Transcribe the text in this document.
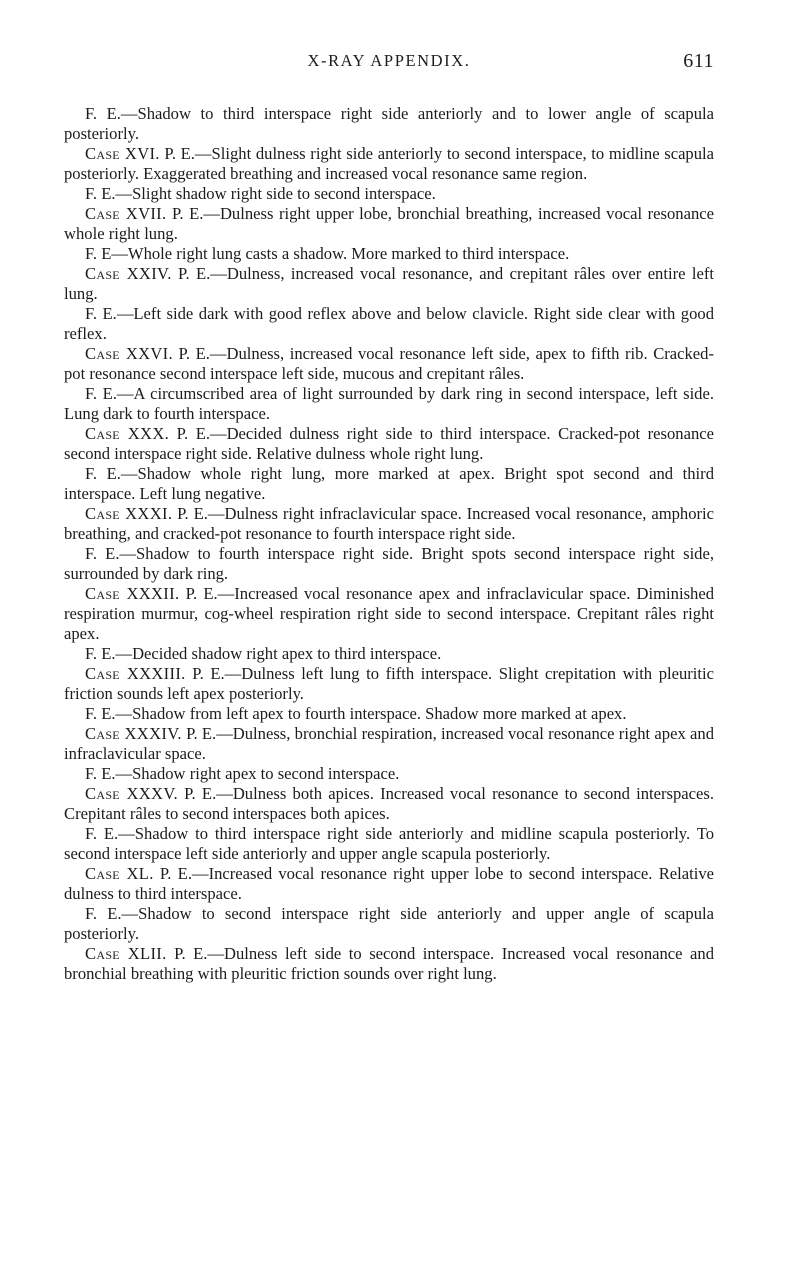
X-RAY APPENDIX.	611

F. E.—Shadow to third interspace right side anteriorly and to lower angle of scapula posteriorly.

Case XVI. P. E.—Slight dulness right side anteriorly to second interspace, to midline scapula posteriorly. Exaggerated breathing and increased vocal resonance same region.

F. E.—Slight shadow right side to second interspace.

Case XVII. P. E.—Dulness right upper lobe, bronchial breathing, increased vocal resonance whole right lung.

F. E—Whole right lung casts a shadow. More marked to third interspace.

Case XXIV. P. E.—Dulness, increased vocal resonance, and crepitant râles over entire left lung.

F. E.—Left side dark with good reflex above and below clavicle. Right side clear with good reflex.

Case XXVI. P. E.—Dulness, increased vocal resonance left side, apex to fifth rib. Cracked-pot resonance second interspace left side, mucous and crepitant râles.

F. E.—A circumscribed area of light surrounded by dark ring in second interspace, left side. Lung dark to fourth interspace.

Case XXX. P. E.—Decided dulness right side to third interspace. Cracked-pot resonance second interspace right side. Relative dulness whole right lung.

F. E.—Shadow whole right lung, more marked at apex. Bright spot second and third interspace. Left lung negative.

Case XXXI. P. E.—Dulness right infraclavicular space. Increased vocal resonance, amphoric breathing, and cracked-pot resonance to fourth interspace right side.

F. E.—Shadow to fourth interspace right side. Bright spots second interspace right side, surrounded by dark ring.

Case XXXII. P. E.—Increased vocal resonance apex and infraclavicular space. Diminished respiration murmur, cog-wheel respiration right side to second interspace. Crepitant râles right apex.

F. E.—Decided shadow right apex to third interspace.

Case XXXIII. P. E.—Dulness left lung to fifth interspace. Slight crepitation with pleuritic friction sounds left apex posteriorly.

F. E.—Shadow from left apex to fourth interspace. Shadow more marked at apex.

Case XXXIV. P. E.—Dulness, bronchial respiration, increased vocal resonance right apex and infraclavicular space.

F. E.—Shadow right apex to second interspace.

Case XXXV. P. E.—Dulness both apices. Increased vocal resonance to second interspaces. Crepitant râles to second interspaces both apices.

F. E.—Shadow to third interspace right side anteriorly and midline scapula posteriorly. To second interspace left side anteriorly and upper angle scapula posteriorly.

Case XL. P. E.—Increased vocal resonance right upper lobe to second interspace. Relative dulness to third interspace.

F. E.—Shadow to second interspace right side anteriorly and upper angle of scapula posteriorly.

Case XLII. P. E.—Dulness left side to second interspace. Increased vocal resonance and bronchial breathing with pleuritic friction sounds over right lung.
